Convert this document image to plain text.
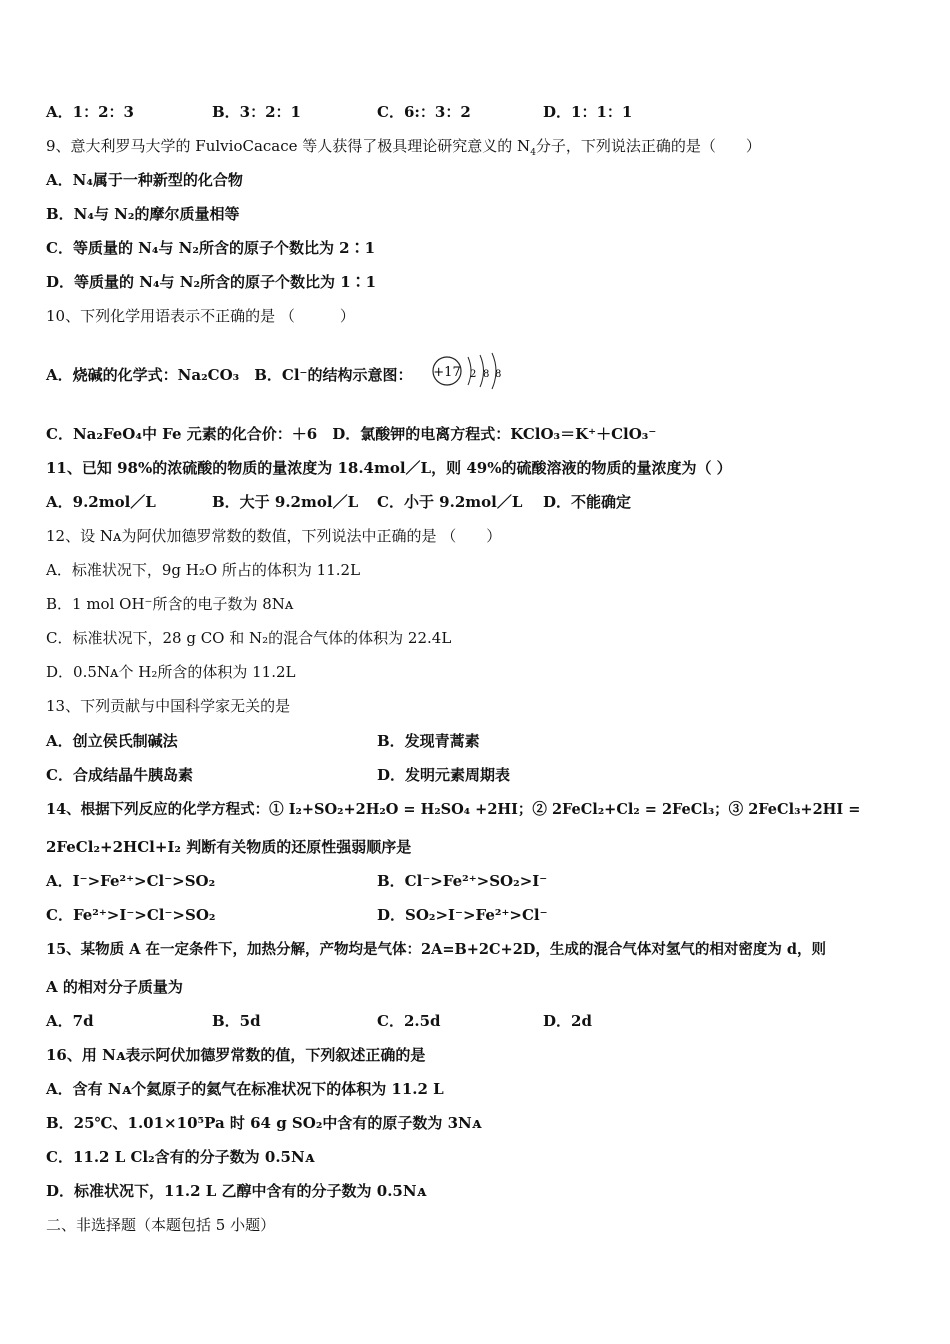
A．1：2：3	B．3：2：1	C．6:：3：2	D．1：1：1
9、意大利罗马大学的 FulvioCacace 等人获得了极具理论研究意义的 $N_4$分子，下列说法正确的是（　　）
A．N₄属于一种新型的化合物
B．N₄与 N₂的摩尔质量相等
C．等质量的 N₄与 N₂所含的原子个数比为 2∶1
D．等质量的 N₄与 N₂所含的原子个数比为 1∶1
10、下列化学用语表示不正确的是 （　　　）
A．烧碱的化学式：Na₂CO₃　B．Cl⁻的结构示意图： +17 2 8 8
C．Na₂FeO₄中 Fe 元素的化合价：＋6　D．氯酸钾的电离方程式：KClO₃＝K⁺＋ClO₃⁻
11、已知 98%的浓硫酸的物质的量浓度为 18.4mol／L，则 49%的硫酸溶液的物质的量浓度为（ ）
A．9.2mol／L	B．大于 9.2mol／L C．小于 9.2mol／L D．不能确定
12、设 Nᴀ为阿伏加德罗常数的数值，下列说法中正确的是 （　　）
A．标准状况下，9g H₂O 所占的体积为 11.2L
B．1 mol OH⁻所含的电子数为 8Nᴀ
C．标准状况下，28 g CO 和 N₂的混合气体的体积为 22.4L
D．0.5Nᴀ个 H₂所含的体积为 11.2L
13、下列贡献与中国科学家无关的是
A．创立侯氏制碱法	B．发现青蒿素
C．合成结晶牛胰岛素	D．发明元素周期表
14、根据下列反应的化学方程式：① I₂+SO₂+2H₂O = H₂SO₄ +2HI；② 2FeCl₂+Cl₂ = 2FeCl₃；③ 2FeCl₃+2HI =
2FeCl₂+2HCl+I₂ 判断有关物质的还原性强弱顺序是
A．I⁻>Fe²⁺>Cl⁻>SO₂	B．Cl⁻>Fe²⁺>SO₂>I⁻
C．Fe²⁺>I⁻>Cl⁻>SO₂	D．SO₂>I⁻>Fe²⁺>Cl⁻
15、某物质 A 在一定条件下，加热分解，产物均是气体：2A=B+2C+2D，生成的混合气体对氢气的相对密度为 d，则
A 的相对分子质量为
A．7d	B．5d	C．2.5d	D．2d
16、用 Nᴀ表示阿伏加德罗常数的值，下列叙述正确的是
A．含有 Nᴀ个氦原子的氦气在标准状况下的体积为 11.2 L
B．25℃、1.01×10⁵Pa 时 64 g SO₂中含有的原子数为 3Nᴀ
C．11.2 L Cl₂含有的分子数为 0.5Nᴀ
D．标准状况下，11.2 L 乙醇中含有的分子数为 0.5Nᴀ
二、非选择题（本题包括 5 小题）
